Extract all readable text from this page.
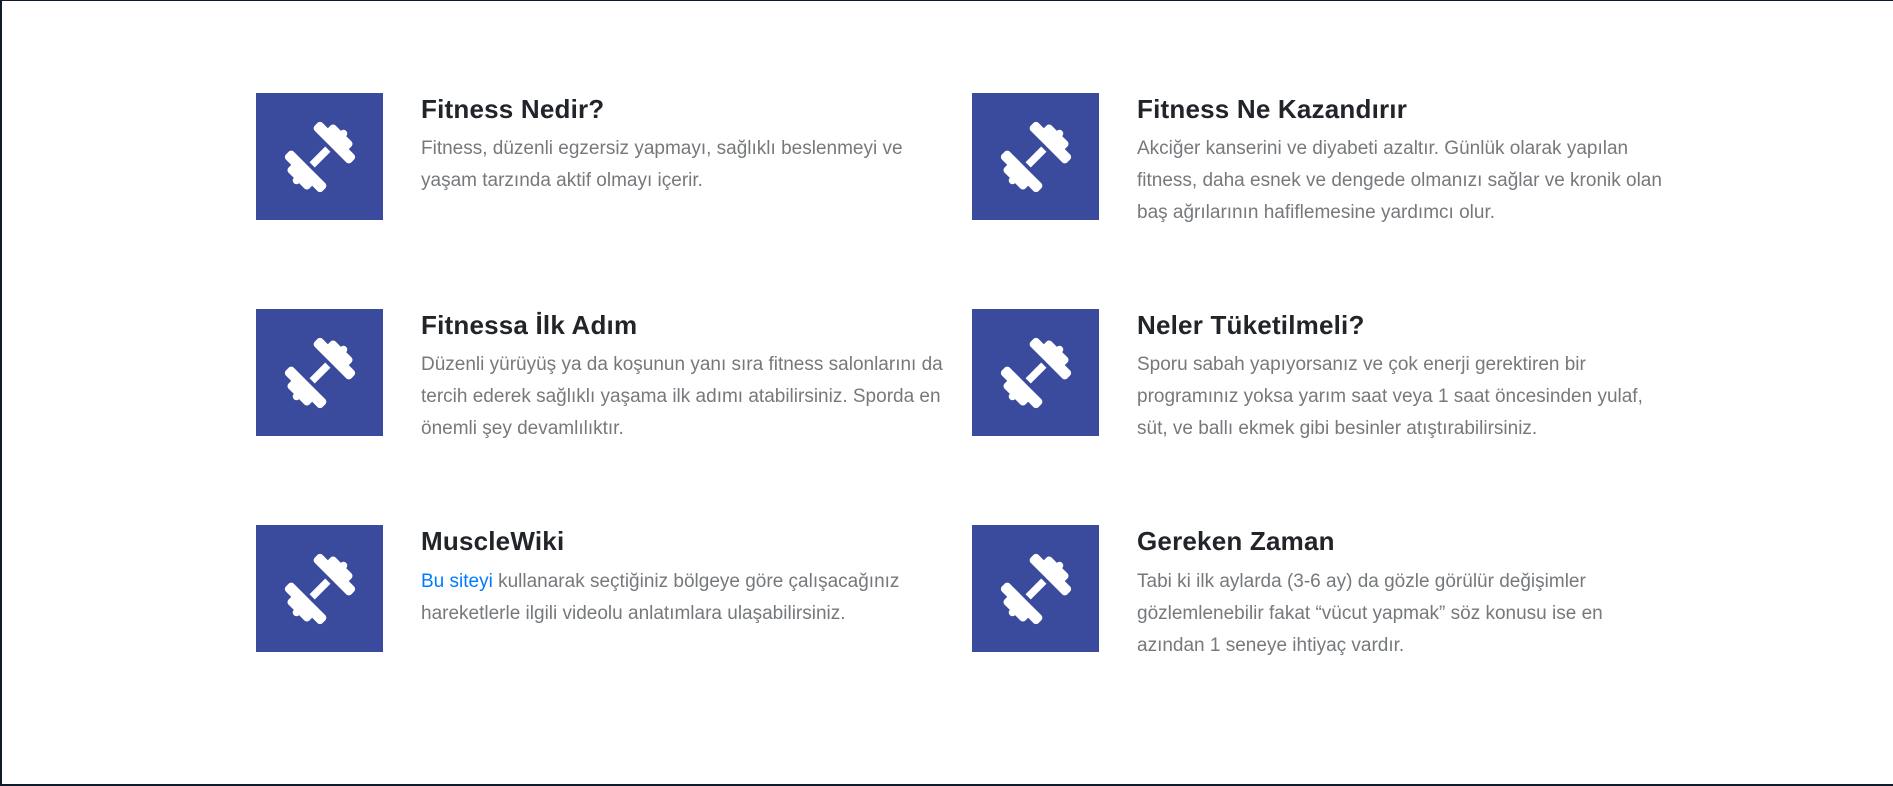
Fitness Nedir?
Fitness, düzenli egzersiz yapmayı, sağlıklı beslenmeyi ve yaşam tarzında aktif olmayı içerir.
Fitness Ne Kazandırır
Akciğer kanserini ve diyabeti azaltır. Günlük olarak yapılan fitness, daha esnek ve dengede olmanızı sağlar ve kronik olan baş ağrılarının hafiflemesine yardımcı olur.
Fitnessa İlk Adım
Düzenli yürüyüş ya da koşunun yanı sıra fitness salonlarını da tercih ederek sağlıklı yaşama ilk adımı atabilirsiniz. Sporda en önemli şey devamlılıktır.
Neler Tüketilmeli?
Sporu sabah yapıyorsanız ve çok enerji gerektiren bir programınız yoksa yarım saat veya 1 saat öncesinden yulaf, süt, ve ballı ekmek gibi besinler atıştırabilirsiniz.
MuscleWiki
Bu siteyi kullanarak seçtiğiniz bölgeye göre çalışacağınız hareketlerle ilgili videolu anlatımlara ulaşabilirsiniz.
Gereken Zaman
Tabi ki ilk aylarda (3-6 ay) da gözle görülür değişimler gözlemlenebilir fakat “vücut yapmak” söz konusu ise en azından 1 seneye ihtiyaç vardır.
